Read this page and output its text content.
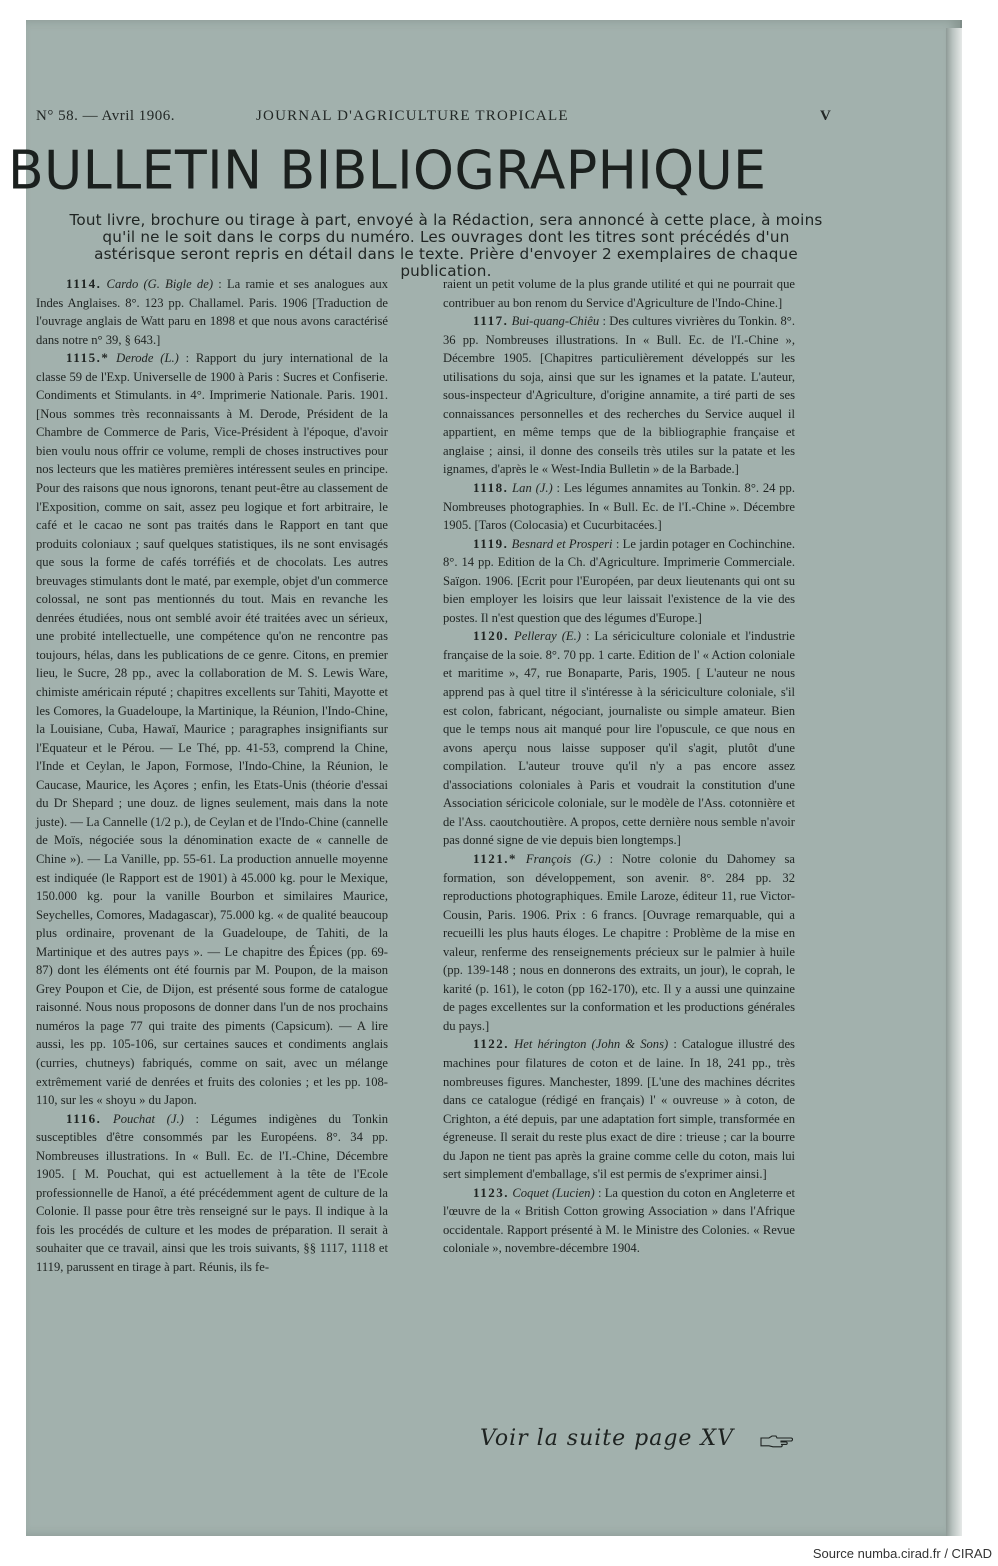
N° 58. — Avril 1906.	JOURNAL D'AGRICULTURE TROPICALE	V
BULLETIN BIBLIOGRAPHIQUE
Tout livre, brochure ou tirage à part, envoyé à la Rédaction, sera annoncé à cette place, à moins qu'il ne le soit dans le corps du numéro. Les ouvrages dont les titres sont précédés d'un astérisque seront repris en détail dans le texte. Prière d'envoyer 2 exemplaires de chaque publication.

1114. Cardo (G. Bigle de) : La ramie et ses analogues aux Indes Anglaises. 8°. 123 pp. Challamel. Paris. 1906 [Traduction de l'ouvrage anglais de Watt paru en 1898 et que nous avons caractérisé dans notre n° 39, § 643.]

1115.* Derode (L.) : Rapport du jury international de la classe 59 de l'Exp. Universelle de 1900 à Paris : Sucres et Confiserie. Condiments et Stimulants. in 4°. Imprimerie Nationale. Paris. 1901. [Nous sommes très reconnaissants à M. Derode, Président de la Chambre de Commerce de Paris, Vice-Président à l'époque, d'avoir bien voulu nous offrir ce volume, rempli de choses instructives pour nos lecteurs que les matières premières intéressent seules en principe. Pour des raisons que nous ignorons, tenant peut-être au classement de l'Exposition, comme on sait, assez peu logique et fort arbitraire, le café et le cacao ne sont pas traités dans le Rapport en tant que produits coloniaux ; sauf quelques statistiques, ils ne sont envisagés que sous la forme de cafés torréfiés et de chocolats. Les autres breuvages stimulants dont le maté, par exemple, objet d'un commerce colossal, ne sont pas mentionnés du tout. Mais en revanche les denrées étudiées, nous ont semblé avoir été traitées avec un sérieux, une probité intellectuelle, une compétence qu'on ne rencontre pas toujours, hélas, dans les publications de ce genre. Citons, en premier lieu, le Sucre, 28 pp., avec la collaboration de M. S. Lewis Ware, chimiste américain réputé ; chapitres excellents sur Tahiti, Mayotte et les Comores, la Guadeloupe, la Martinique, la Réunion, l'Indo-Chine, la Louisiane, Cuba, Hawaï, Maurice ; paragraphes insignifiants sur l'Equateur et le Pérou. — Le Thé, pp. 41-53, comprend la Chine, l'Inde et Ceylan, le Japon, Formose, l'Indo-Chine, la Réunion, le Caucase, Maurice, les Açores ; enfin, les Etats-Unis (théorie d'essai du Dr Shepard ; une douz. de lignes seulement, mais dans la note juste). — La Cannelle (1/2 p.), de Ceylan et de l'Indo-Chine (cannelle de Moïs, négociée sous la dénomination exacte de « cannelle de Chine »). — La Vanille, pp. 55-61. La production annuelle moyenne est indiquée (le Rapport est de 1901) à 45.000 kg. pour le Mexique, 150.000 kg. pour la vanille Bourbon et similaires Maurice, Seychelles, Comores, Madagascar), 75.000 kg. « de qualité beaucoup plus ordinaire, provenant de la Guadeloupe, de Tahiti, de la Martinique et des autres pays ». — Le chapitre des Épices (pp. 69-87) dont les éléments ont été fournis par M. Poupon, de la maison Grey Poupon et Cie, de Dijon, est présenté sous forme de catalogue raisonné. Nous nous proposons de donner dans l'un de nos prochains numéros la page 77 qui traite des piments (Capsicum). — A lire aussi, les pp. 105-106, sur certaines sauces et condiments anglais (curries, chutneys) fabriqués, comme on sait, avec un mélange extrêmement varié de denrées et fruits des colonies ; et les pp. 108-110, sur les « shoyu » du Japon.

1116. Pouchat (J.) : Légumes indigènes du Tonkin susceptibles d'être consommés par les Européens. 8°. 34 pp. Nombreuses illustrations. In « Bull. Ec. de l'I.-Chine, Décembre 1905. [ M. Pouchat, qui est actuellement à la tête de l'Ecole professionnelle de Hanoï, a été précédemment agent de culture de la Colonie. Il passe pour être très renseigné sur le pays. Il indique à la fois les procédés de culture et les modes de préparation. Il serait à souhaiter que ce travail, ainsi que les trois suivants, §§ 1117, 1118 et 1119, parussent en tirage à part. Réunis, ils fe-

raient un petit volume de la plus grande utilité et qui ne pourrait que contribuer au bon renom du Service d'Agriculture de l'Indo-Chine.]

1117. Bui-quang-Chiêu : Des cultures vivrières du Tonkin. 8°. 36 pp. Nombreuses illustrations. In « Bull. Ec. de l'I.-Chine », Décembre 1905. [Chapitres particulièrement développés sur les utilisations du soja, ainsi que sur les ignames et la patate. L'auteur, sous-inspecteur d'Agriculture, d'origine annamite, a tiré parti de ses connaissances personnelles et des recherches du Service auquel il appartient, en même temps que de la bibliographie française et anglaise ; ainsi, il donne des conseils très utiles sur la patate et les ignames, d'après le « West-India Bulletin » de la Barbade.]

1118. Lan (J.) : Les légumes annamites au Tonkin. 8°. 24 pp. Nombreuses photographies. In « Bull. Ec. de l'I.-Chine ». Décembre 1905. [Taros (Colocasia) et Cucurbitacées.]

1119. Besnard et Prosperi : Le jardin potager en Cochinchine. 8°. 14 pp. Edition de la Ch. d'Agriculture. Imprimerie Commerciale. Saïgon. 1906. [Ecrit pour l'Européen, par deux lieutenants qui ont su bien employer les loisirs que leur laissait l'existence de la vie des postes. Il n'est question que des légumes d'Europe.]

1120. Pelleray (E.) : La sériciculture coloniale et l'industrie française de la soie. 8°. 70 pp. 1 carte. Edition de l' « Action coloniale et maritime », 47, rue Bonaparte, Paris, 1905. [ L'auteur ne nous apprend pas à quel titre il s'intéresse à la sériciculture coloniale, s'il est colon, fabricant, négociant, journaliste ou simple amateur. Bien que le temps nous ait manqué pour lire l'opuscule, ce que nous en avons aperçu nous laisse supposer qu'il s'agit, plutôt d'une compilation. L'auteur trouve qu'il n'y a pas encore assez d'associations coloniales à Paris et voudrait la constitution d'une Association séricicole coloniale, sur le modèle de l'Ass. cotonnière et de l'Ass. caoutchoutière. A propos, cette dernière nous semble n'avoir pas donné signe de vie depuis bien longtemps.]

1121.* François (G.) : Notre colonie du Dahomey sa formation, son développement, son avenir. 8°. 284 pp. 32 reproductions photographiques. Emile Laroze, éditeur 11, rue Victor-Cousin, Paris. 1906. Prix : 6 francs. [Ouvrage remarquable, qui a recueilli les plus hauts éloges. Le chapitre : Problème de la mise en valeur, renferme des renseignements précieux sur le palmier à huile (pp. 139-148 ; nous en donnerons des extraits, un jour), le coprah, le karité (p. 161), le coton (pp 162-170), etc. Il y a aussi une quinzaine de pages excellentes sur la conformation et les productions générales du pays.]

1122. Het hérington (John & Sons) : Catalogue illustré des machines pour filatures de coton et de laine. In 18, 241 pp., très nombreuses figures. Manchester, 1899. [L'une des machines décrites dans ce catalogue (rédigé en français) l' « ouvreuse » à coton, de Crighton, a été depuis, par une adaptation fort simple, transformée en égreneuse. Il serait du reste plus exact de dire : trieuse ; car la bourre du Japon ne tient pas après la graine comme celle du coton, mais lui sert simplement d'emballage, s'il est permis de s'exprimer ainsi.]

1123. Coquet (Lucien) : La question du coton en Angleterre et l'œuvre de la « British Cotton growing Association » dans l'Afrique occidentale. Rapport présenté à M. le Ministre des Colonies. « Revue coloniale », novembre-décembre 1904.

Voir la suite page XV
Source numba.cirad.fr / CIRAD
